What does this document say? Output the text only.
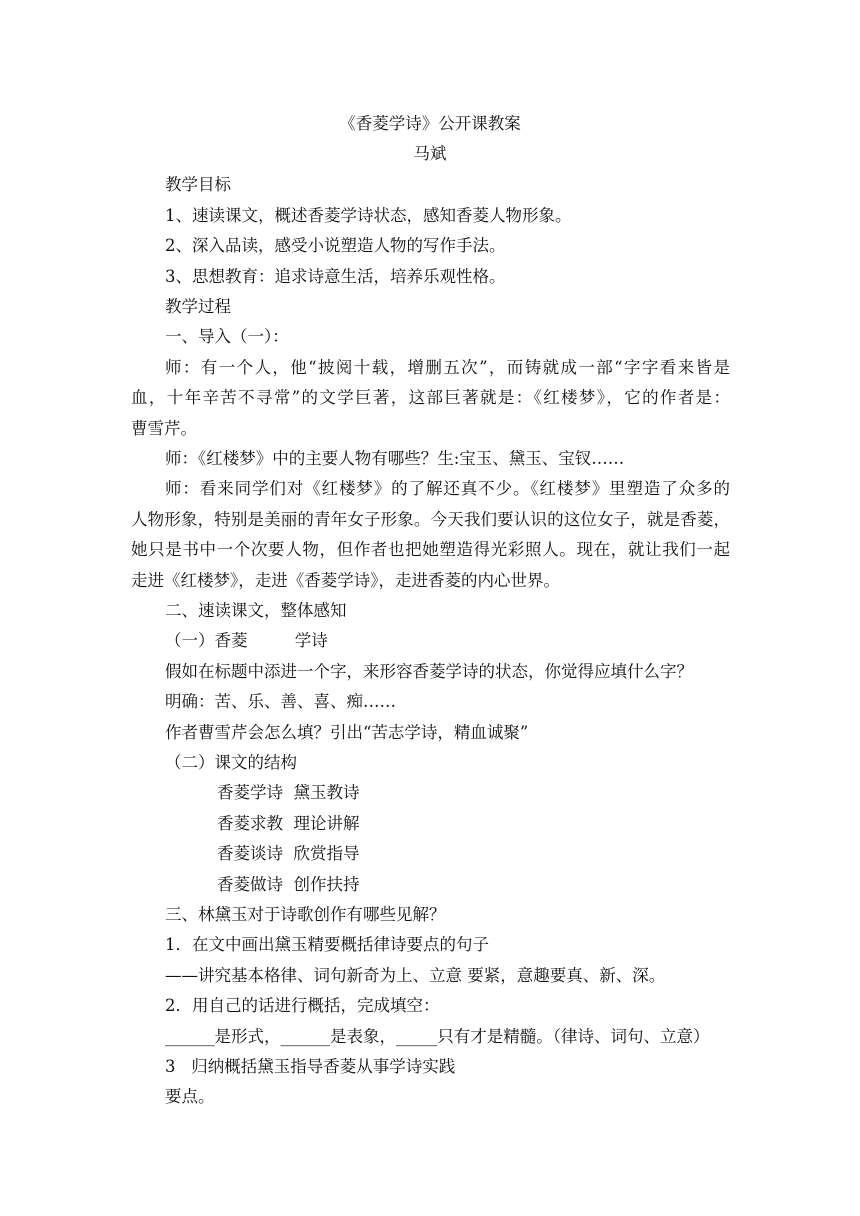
《香菱学诗》公开课教案
马斌
教学目标
1、速读课文，概述香菱学诗状态，感知香菱人物形象。
2、深入品读，感受小说塑造人物的写作手法。
3、思想教育：追求诗意生活，培养乐观性格。
教学过程
一、导入（一）：
师：有一个人，他“披阅十载，增删五次”，而铸就成一部“字字看来皆是
血，十年辛苦不寻常”的文学巨著，这部巨著就是：《红楼梦》，它的作者是：
曹雪芹。
师：《红楼梦》中的主要人物有哪些？生:宝玉、黛玉、宝钗……
师：看来同学们对《红楼梦》的了解还真不少。《红楼梦》里塑造了众多的
人物形象，特别是美丽的青年女子形象。今天我们要认识的这位女子，就是香菱，
她只是书中一个次要人物，但作者也把她塑造得光彩照人。现在，就让我们一起
走进《红楼梦》，走进《香菱学诗》，走进香菱的内心世界。
二、速读课文，整体感知
（一）香菱         学诗
假如在标题中添进一个字，来形容香菱学诗的状态，你觉得应填什么字？
明确：苦、乐、善、喜、痴……
作者曹雪芹会怎么填？引出“苦志学诗，精血诚聚”
（二）课文的结构
香菱学诗  黛玉教诗
香菱求教  理论讲解
香菱谈诗  欣赏指导
香菱做诗  创作扶持
三、林黛玉对于诗歌创作有哪些见解？
1．在文中画出黛玉精要概括律诗要点的句子
——讲究基本格律、词句新奇为上、立意 要紧，意趣要真、新、深。
2．用自己的话进行概括，完成填空：
______是形式，______是表象，_____只有才是精髓。（律诗、词句、立意）
3   归纳概括黛玉指导香菱从事学诗实践
要点。
